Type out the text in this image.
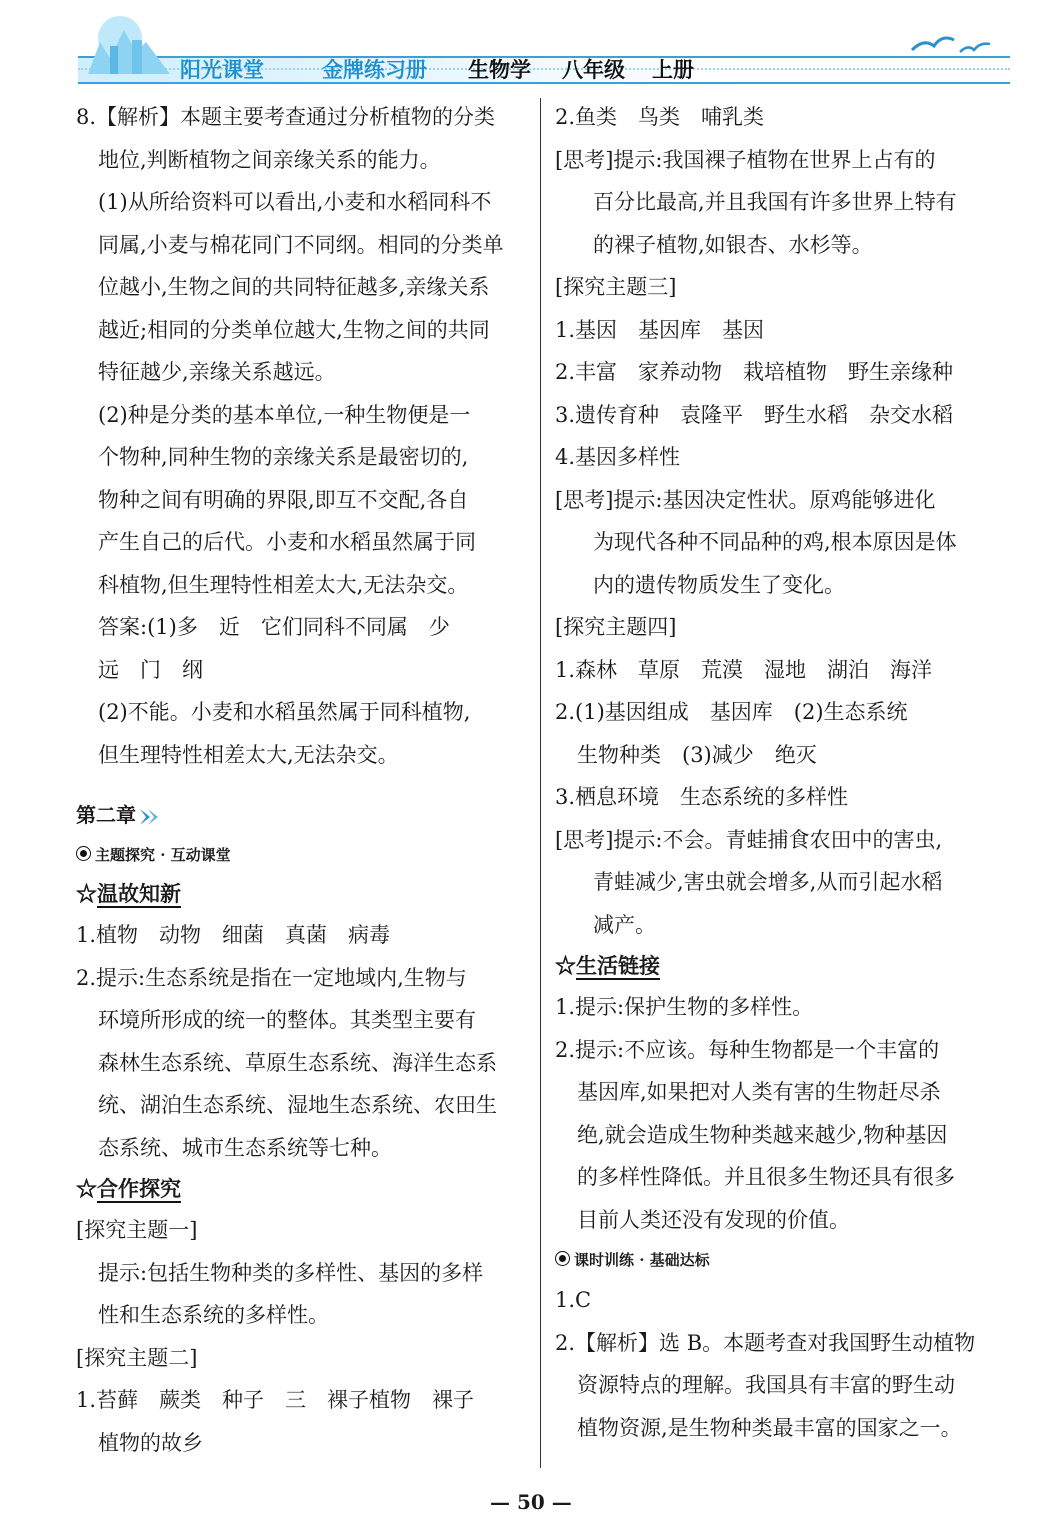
阳光课堂	金牌练习册 生物学 八年级 上册
8.【解析】本题主要考查通过分析植物的分类
地位,判断植物之间亲缘关系的能力。
(1)从所给资料可以看出,小麦和水稻同科不
同属,小麦与棉花同门不同纲。相同的分类单
位越小,生物之间的共同特征越多,亲缘关系
越近;相同的分类单位越大,生物之间的共同
特征越少,亲缘关系越远。
(2)种是分类的基本单位,一种生物便是一
个物种,同种生物的亲缘关系是最密切的,
物种之间有明确的界限,即互不交配,各自
产生自己的后代。小麦和水稻虽然属于同
科植物,但生理特性相差太大,无法杂交。
答案:(1)多　近　它们同科不同属　少
远　门　纲
(2)不能。小麦和水稻虽然属于同科植物,
但生理特性相差太大,无法杂交。
第二章
主题探究 · 互动课堂
☆温故知新
1.植物　动物　细菌　真菌　病毒
2.提示:生态系统是指在一定地域内,生物与
环境所形成的统一的整体。其类型主要有
森林生态系统、草原生态系统、海洋生态系
统、湖泊生态系统、湿地生态系统、农田生
态系统、城市生态系统等七种。
☆合作探究
[探究主题一]
提示:包括生物种类的多样性、基因的多样
性和生态系统的多样性。
[探究主题二]
1.苔藓　蕨类　种子　三　裸子植物　裸子
植物的故乡
2.鱼类　鸟类　哺乳类
[思考]提示:我国裸子植物在世界上占有的
百分比最高,并且我国有许多世界上特有
的裸子植物,如银杏、水杉等。
[探究主题三]
1.基因　基因库　基因
2.丰富　家养动物　栽培植物　野生亲缘种
3.遗传育种　袁隆平　野生水稻　杂交水稻
4.基因多样性
[思考]提示:基因决定性状。原鸡能够进化
为现代各种不同品种的鸡,根本原因是体
内的遗传物质发生了变化。
[探究主题四]
1.森林　草原　荒漠　湿地　湖泊　海洋
2.(1)基因组成　基因库　(2)生态系统
生物种类　(3)减少　绝灭
3.栖息环境　生态系统的多样性
[思考]提示:不会。青蛙捕食农田中的害虫,
青蛙减少,害虫就会增多,从而引起水稻
减产。
☆生活链接
1.提示:保护生物的多样性。
2.提示:不应该。每种生物都是一个丰富的
基因库,如果把对人类有害的生物赶尽杀
绝,就会造成生物种类越来越少,物种基因
的多样性降低。并且很多生物还具有很多
目前人类还没有发现的价值。
课时训练 · 基础达标
1.C
2.【解析】选 B。本题考查对我国野生动植物
资源特点的理解。我国具有丰富的野生动
植物资源,是生物种类最丰富的国家之一。
— 50 —
